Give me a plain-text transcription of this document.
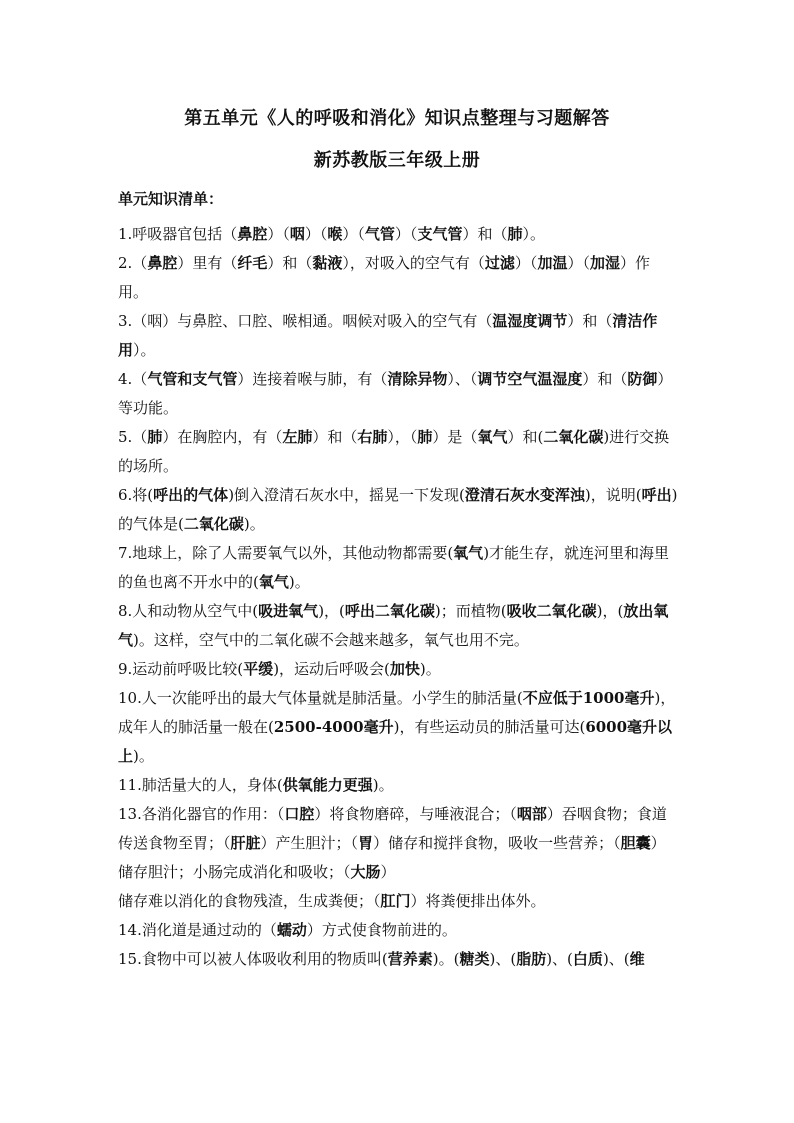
第五单元《人的呼吸和消化》知识点整理与习题解答
新苏教版三年级上册
单元知识清单：
1.呼吸器官包括（鼻腔）（咽）（喉）（气管）（支气管）和（肺）。
2.（鼻腔）里有（纤毛）和（黏液），对吸入的空气有（过滤）（加温）（加湿）作用。
3.（咽）与鼻腔、口腔、喉相通。咽候对吸入的空气有（温湿度调节）和（清洁作用）。
4.（气管和支气管）连接着喉与肺，有（清除异物）、（调节空气温湿度）和（防御）等功能。
5.（肺）在胸腔内，有（左肺）和（右肺），（肺）是（氧气）和(二氧化碳)进行交换的场所。
6.将(呼出的气体)倒入澄清石灰水中，摇晃一下发现(澄清石灰水变浑浊)，说明(呼出)的气体是(二氧化碳)。
7.地球上，除了人需要氧气以外，其他动物都需要(氧气)才能生存，就连河里和海里的鱼也离不开水中的(氧气)。
8.人和动物从空气中(吸进氧气)，(呼出二氧化碳)；而植物(吸收二氧化碳)，(放出氧气)。这样，空气中的二氧化碳不会越来越多，氧气也用不完。
9.运动前呼吸比较(平缓)，运动后呼吸会(加快)。
10.人一次能呼出的最大气体量就是肺活量。小学生的肺活量(不应低于1000毫升)，成年人的肺活量一般在(2500-4000毫升)，有些运动员的肺活量可达(6000毫升以上)。
11.肺活量大的人，身体(供氧能力更强)。
13.各消化器官的作用：（口腔）将食物磨碎，与唾液混合；（咽部）吞咽食物；食道传送食物至胃；（肝脏）产生胆汁；（胃）储存和搅拌食物，吸收一些营养；（胆囊）储存胆汁；小肠完成消化和吸收；（大肠）
储存难以消化的食物残渣，生成粪便；（肛门）将粪便排出体外。
14.消化道是通过动的（蠕动）方式使食物前进的。
15.食物中可以被人体吸收利用的物质叫(营养素)。(糖类)、(脂肪)、(白质)、(维
